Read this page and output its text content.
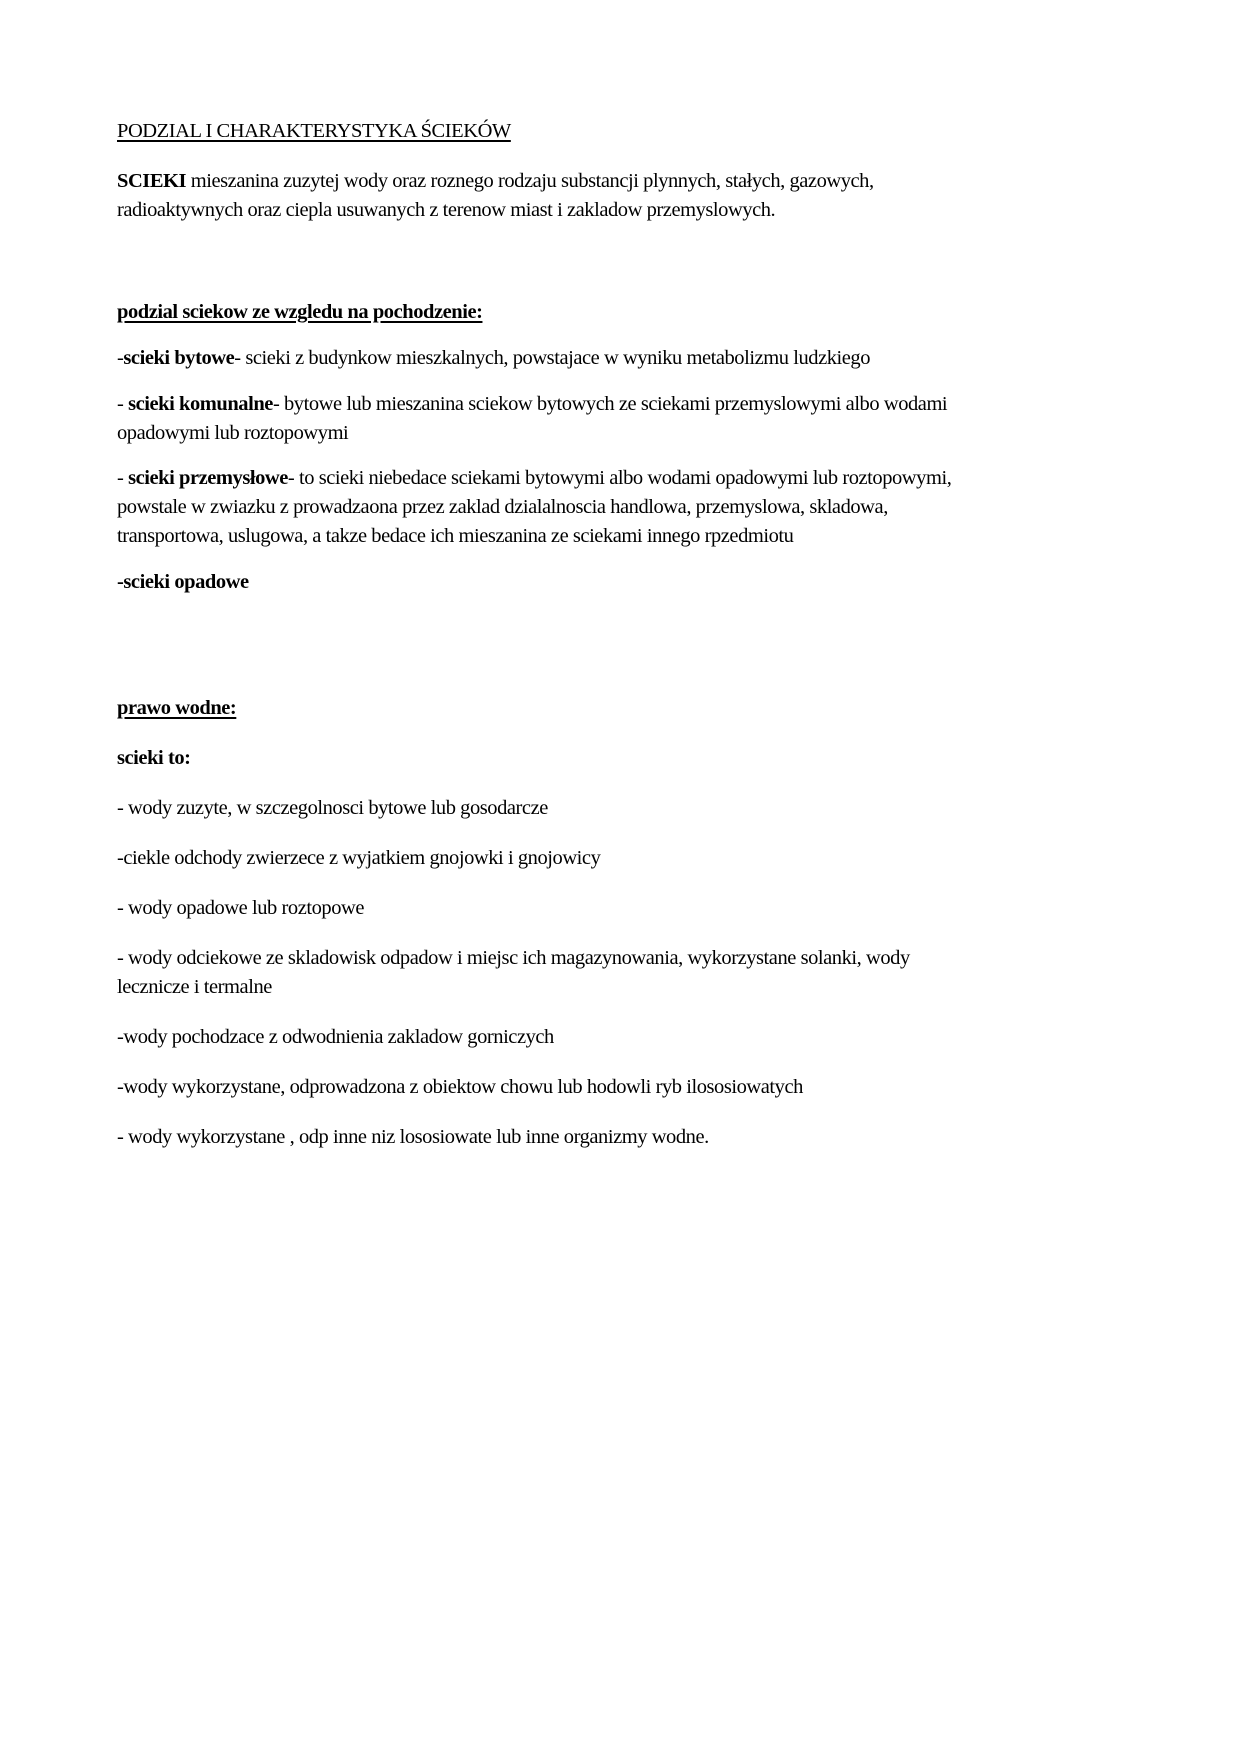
PODZIAL I CHARAKTERYSTYKA ŚCIEKÓW
SCIEKI mieszanina zuzytej wody oraz roznego rodzaju substancji plynnych, stałych, gazowych,
radioaktywnych oraz ciepla usuwanych z terenow miast i zakladow przemyslowych.
podzial sciekow ze wzgledu na pochodzenie:
-scieki bytowe- scieki z budynkow mieszkalnych, powstajace w wyniku metabolizmu ludzkiego
- scieki komunalne- bytowe lub mieszanina sciekow bytowych ze sciekami przemyslowymi albo wodami
opadowymi lub roztopowymi
- scieki przemysłowe- to scieki niebedace sciekami bytowymi albo wodami opadowymi lub roztopowymi,
powstale w zwiazku z prowadzaona przez zaklad dzialalnoscia handlowa, przemyslowa, skladowa,
transportowa, uslugowa, a takze bedace ich mieszanina ze sciekami innego rpzedmiotu
-scieki opadowe
prawo wodne:
scieki to:
- wody zuzyte, w szczegolnosci bytowe lub gosodarcze
-ciekle odchody zwierzece z wyjatkiem gnojowki i gnojowicy
- wody opadowe lub roztopowe
- wody odciekowe ze skladowisk odpadow i miejsc ich magazynowania, wykorzystane solanki, wody
lecznicze i termalne
-wody pochodzace z odwodnienia zakladow gorniczych
-wody wykorzystane, odprowadzona z obiektow chowu lub hodowli ryb ilososiowatych
- wody wykorzystane , odp inne niz lososiowate lub inne organizmy wodne.
